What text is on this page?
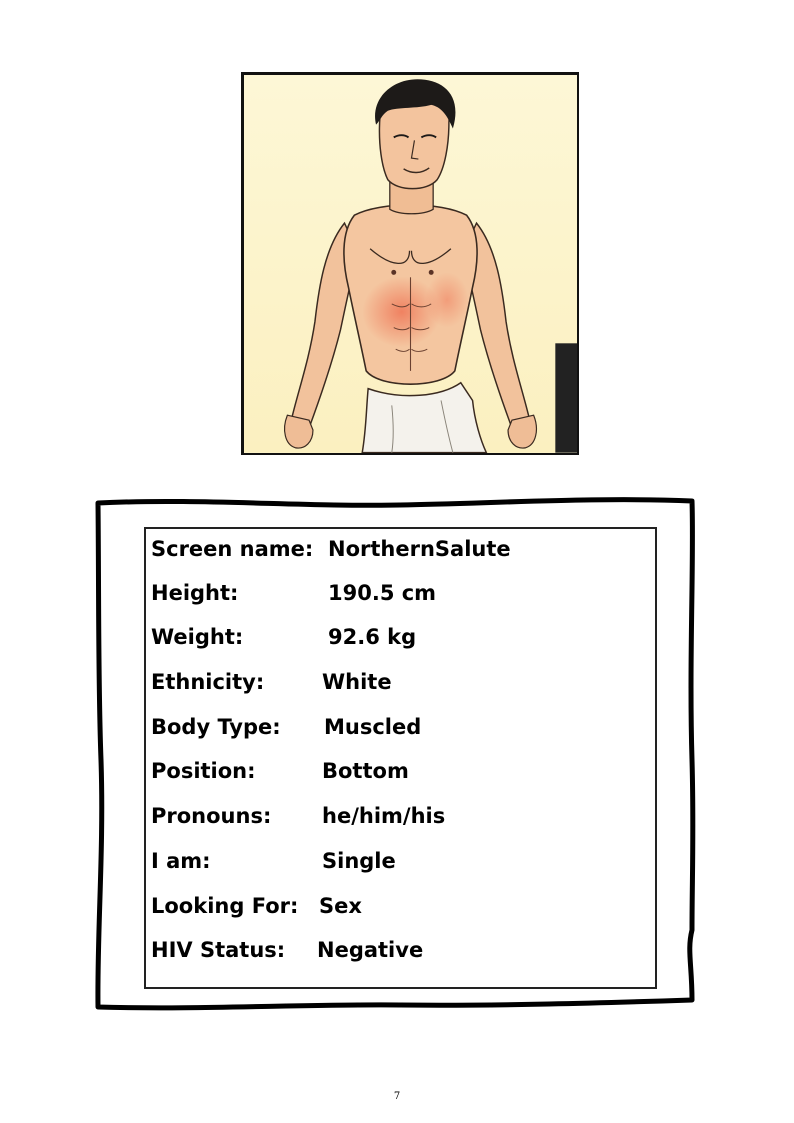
Screen name: NorthernSalute
Height:	190.5 cm
Weight:	92.6 kg
Ethnicity:	White
Body Type: Muscled
Position:	Bottom
Pronouns: he/him/his
I am:	Single
Looking For: Sex
HIV Status: Negative
7
